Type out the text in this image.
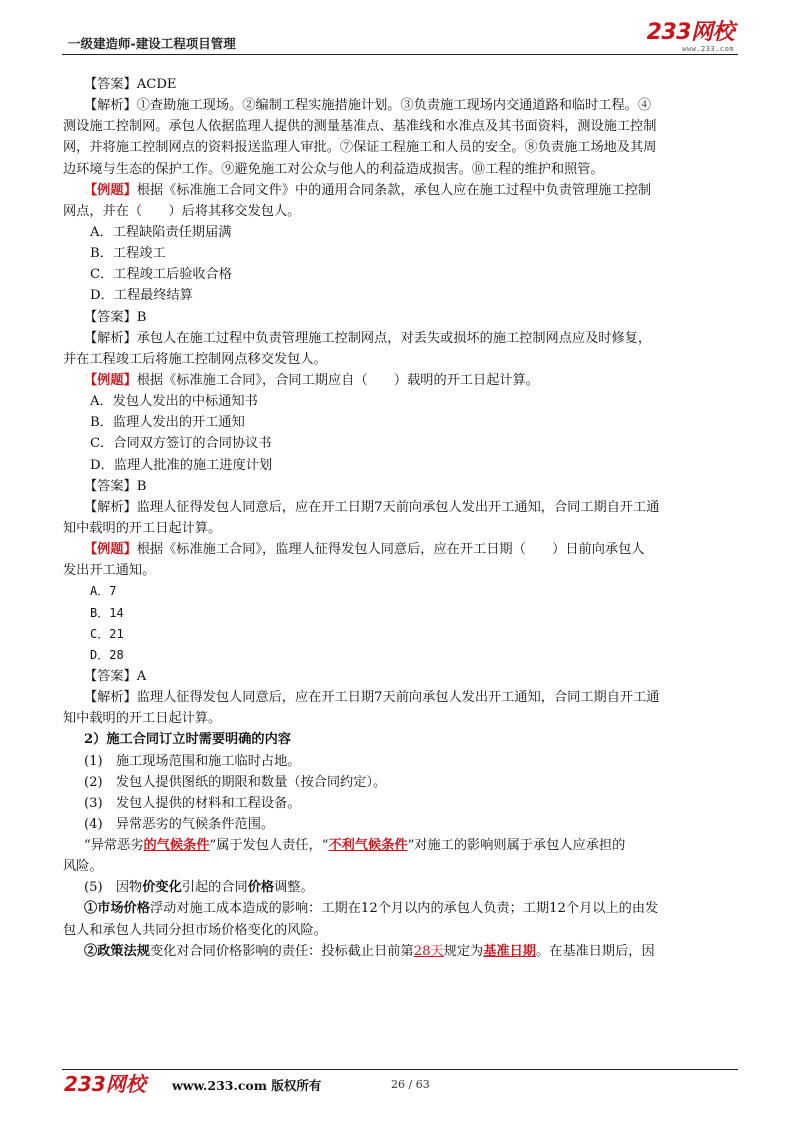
一级建造师-建设工程项目管理	233网校
www.233.com
【答案】ACDE
【解析】①查勘施工现场。②编制工程实施措施计划。③负责施工现场内交通道路和临时工程。④
测设施工控制网。承包人依据监理人提供的测量基准点、基准线和水准点及其书面资料，测设施工控制
网，并将施工控制网点的资料报送监理人审批。⑦保证工程施工和人员的安全。⑧负责施工场地及其周
边环境与生态的保护工作。⑨避免施工对公众与他人的利益造成损害。⑩工程的维护和照管。
【例题】根据《标准施工合同文件》中的通用合同条款，承包人应在施工过程中负责管理施工控制
网点，并在（　　）后将其移交发包人。
A．工程缺陷责任期届满
B．工程竣工
C．工程竣工后验收合格
D．工程最终结算
【答案】B
【解析】承包人在施工过程中负责管理施工控制网点，对丢失或损坏的施工控制网点应及时修复，
并在工程竣工后将施工控制网点移交发包人。
【例题】根据《标准施工合同》，合同工期应自（　　）载明的开工日起计算。
A．发包人发出的中标通知书
B．监理人发出的开工通知
C．合同双方签订的合同协议书
D．监理人批准的施工进度计划
【答案】B
【解析】监理人征得发包人同意后，应在开工日期7天前向承包人发出开工通知，合同工期自开工通
知中载明的开工日起计算。
【例题】根据《标准施工合同》，监理人征得发包人同意后，应在开工日期（　　）日前向承包人
发出开工通知。
A．7
B．14
C．21
D．28
【答案】A
【解析】监理人征得发包人同意后，应在开工日期7天前向承包人发出开工通知，合同工期自开工通
知中载明的开工日起计算。
2）施工合同订立时需要明确的内容
(1)　施工现场范围和施工临时占地。
(2)　发包人提供图纸的期限和数量（按合同约定）。
(3)　发包人提供的材料和工程设备。
(4)　异常恶劣的气候条件范围。
“异常恶劣的气候条件”属于发包人责任，“不利气候条件”对施工的影响则属于承包人应承担的
风险。
(5)　因物价变化引起的合同价格调整。
①市场价格浮动对施工成本造成的影响：工期在12个月以内的承包人负责；工期12个月以上的由发
包人和承包人共同分担市场价格变化的风险。
②政策法规变化对合同价格影响的责任：投标截止日前第28天规定为基准日期。在基准日期后，因
233网校 www.233.com 版权所有	26 / 63
